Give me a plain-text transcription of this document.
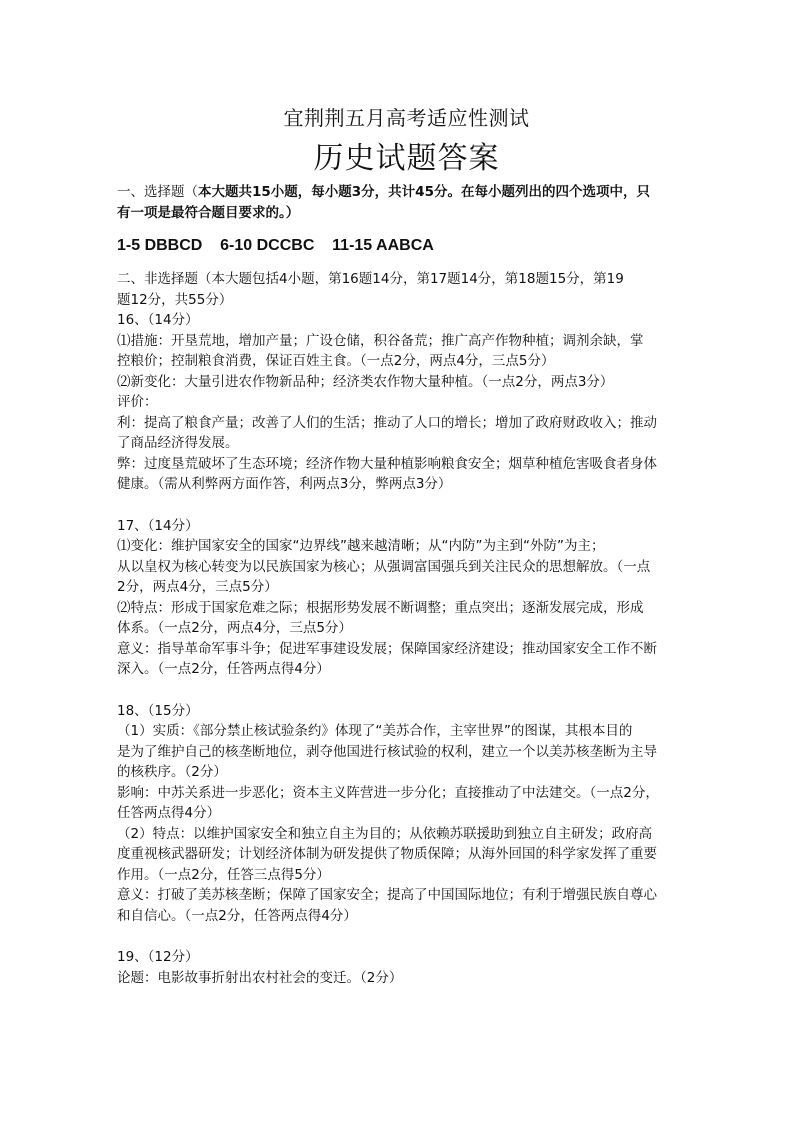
宜荆荆五月高考适应性测试
历史试题答案
一、选择题（本大题共15小题，每小题3分，共计45分。在每小题列出的四个选项中，只
有一项是最符合题目要求的。）
1-5 DBBCD    6-10 DCCBC    11-15 AABCA
二、非选择题（本大题包括4小题，第16题14分，第17题14分，第18题15分，第19
题12分，共55分）
16、（14分）
⑴措施：开垦荒地，增加产量；广设仓储，积谷备荒；推广高产作物种植；调剂余缺，掌
控粮价；控制粮食消费，保证百姓主食。（一点2分，两点4分，三点5分）
⑵新变化：大量引进农作物新品种；经济类农作物大量种植。（一点2分，两点3分）
评价：
利：提高了粮食产量；改善了人们的生活；推动了人口的增长；增加了政府财政收入；推动
了商品经济得发展。
弊：过度垦荒破坏了生态环境；经济作物大量种植影响粮食安全；烟草种植危害吸食者身体
健康。（需从利弊两方面作答，利两点3分，弊两点3分）
17、（14分）
⑴变化：维护国家安全的国家“边界线”越来越清晰；从“内防”为主到“外防”为主；
从以皇权为核心转变为以民族国家为核心；从强调富国强兵到关注民众的思想解放。（一点
2分，两点4分，三点5分）
⑵特点：形成于国家危难之际；根据形势发展不断调整；重点突出；逐渐发展完成，形成
体系。（一点2分，两点4分，三点5分）
意义：指导革命军事斗争；促进军事建设发展；保障国家经济建设；推动国家安全工作不断
深入。（一点2分，任答两点得4分）
18、（15分）
（1）实质：《部分禁止核试验条约》体现了“美苏合作，主宰世界”的图谋，其根本目的
是为了维护自己的核垄断地位，剥夺他国进行核试验的权利，建立一个以美苏核垄断为主导
的核秩序。（2分）
影响：中苏关系进一步恶化；资本主义阵营进一步分化；直接推动了中法建交。（一点2分，
任答两点得4分）
（2）特点：以维护国家安全和独立自主为目的；从依赖苏联援助到独立自主研发；政府高
度重视核武器研发；计划经济体制为研发提供了物质保障；从海外回国的科学家发挥了重要
作用。（一点2分，任答三点得5分）
意义：打破了美苏核垄断；保障了国家安全；提高了中国国际地位；有利于增强民族自尊心
和自信心。（一点2分，任答两点得4分）
19、（12分）
论题：电影故事折射出农村社会的变迁。（2分）
